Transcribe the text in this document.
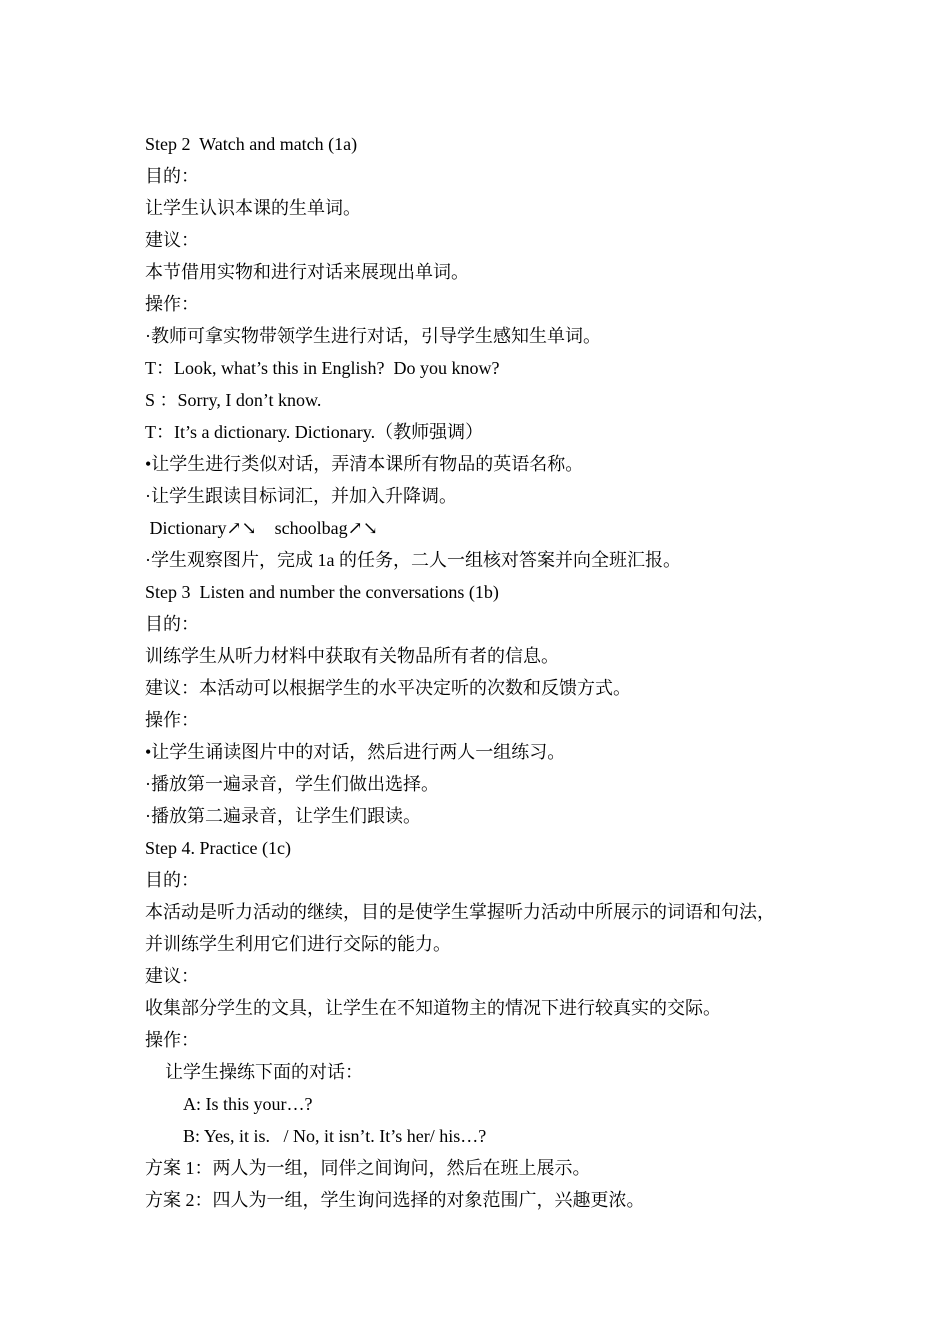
Step 2  Watch and match (1a)
目的：
让学生认识本课的生单词。
建议：
本节借用实物和进行对话来展现出单词。
操作：
·教师可拿实物带领学生进行对话，引导学生感知生单词。
T：Look, what’s this in English?  Do you know?
S ：Sorry, I don’t know.
T：It’s a dictionary. Dictionary.（教师强调）
•让学生进行类似对话，弄清本课所有物品的英语名称。
·让学生跟读目标词汇，并加入升降调。
Dictionary↗↘    schoolbag↗↘
·学生观察图片，完成 1a 的任务，二人一组核对答案并向全班汇报。
Step 3  Listen and number the conversations (1b)
目的：
训练学生从听力材料中获取有关物品所有者的信息。
建议：本活动可以根据学生的水平决定听的次数和反馈方式。
操作：
•让学生诵读图片中的对话，然后进行两人一组练习。
·播放第一遍录音，学生们做出选择。
·播放第二遍录音，让学生们跟读。
Step 4. Practice (1c)
目的：
本活动是听力活动的继续，目的是使学生掌握听力活动中所展示的词语和句法，
并训练学生利用它们进行交际的能力。
建议：
收集部分学生的文具，让学生在不知道物主的情况下进行较真实的交际。
操作：
让学生操练下面的对话：
A: Is this your…?
B: Yes, it is.   / No, it isn’t. It’s her/ his…?
方案 1：两人为一组，同伴之间询问，然后在班上展示。
方案 2：四人为一组，学生询问选择的对象范围广，兴趣更浓。
